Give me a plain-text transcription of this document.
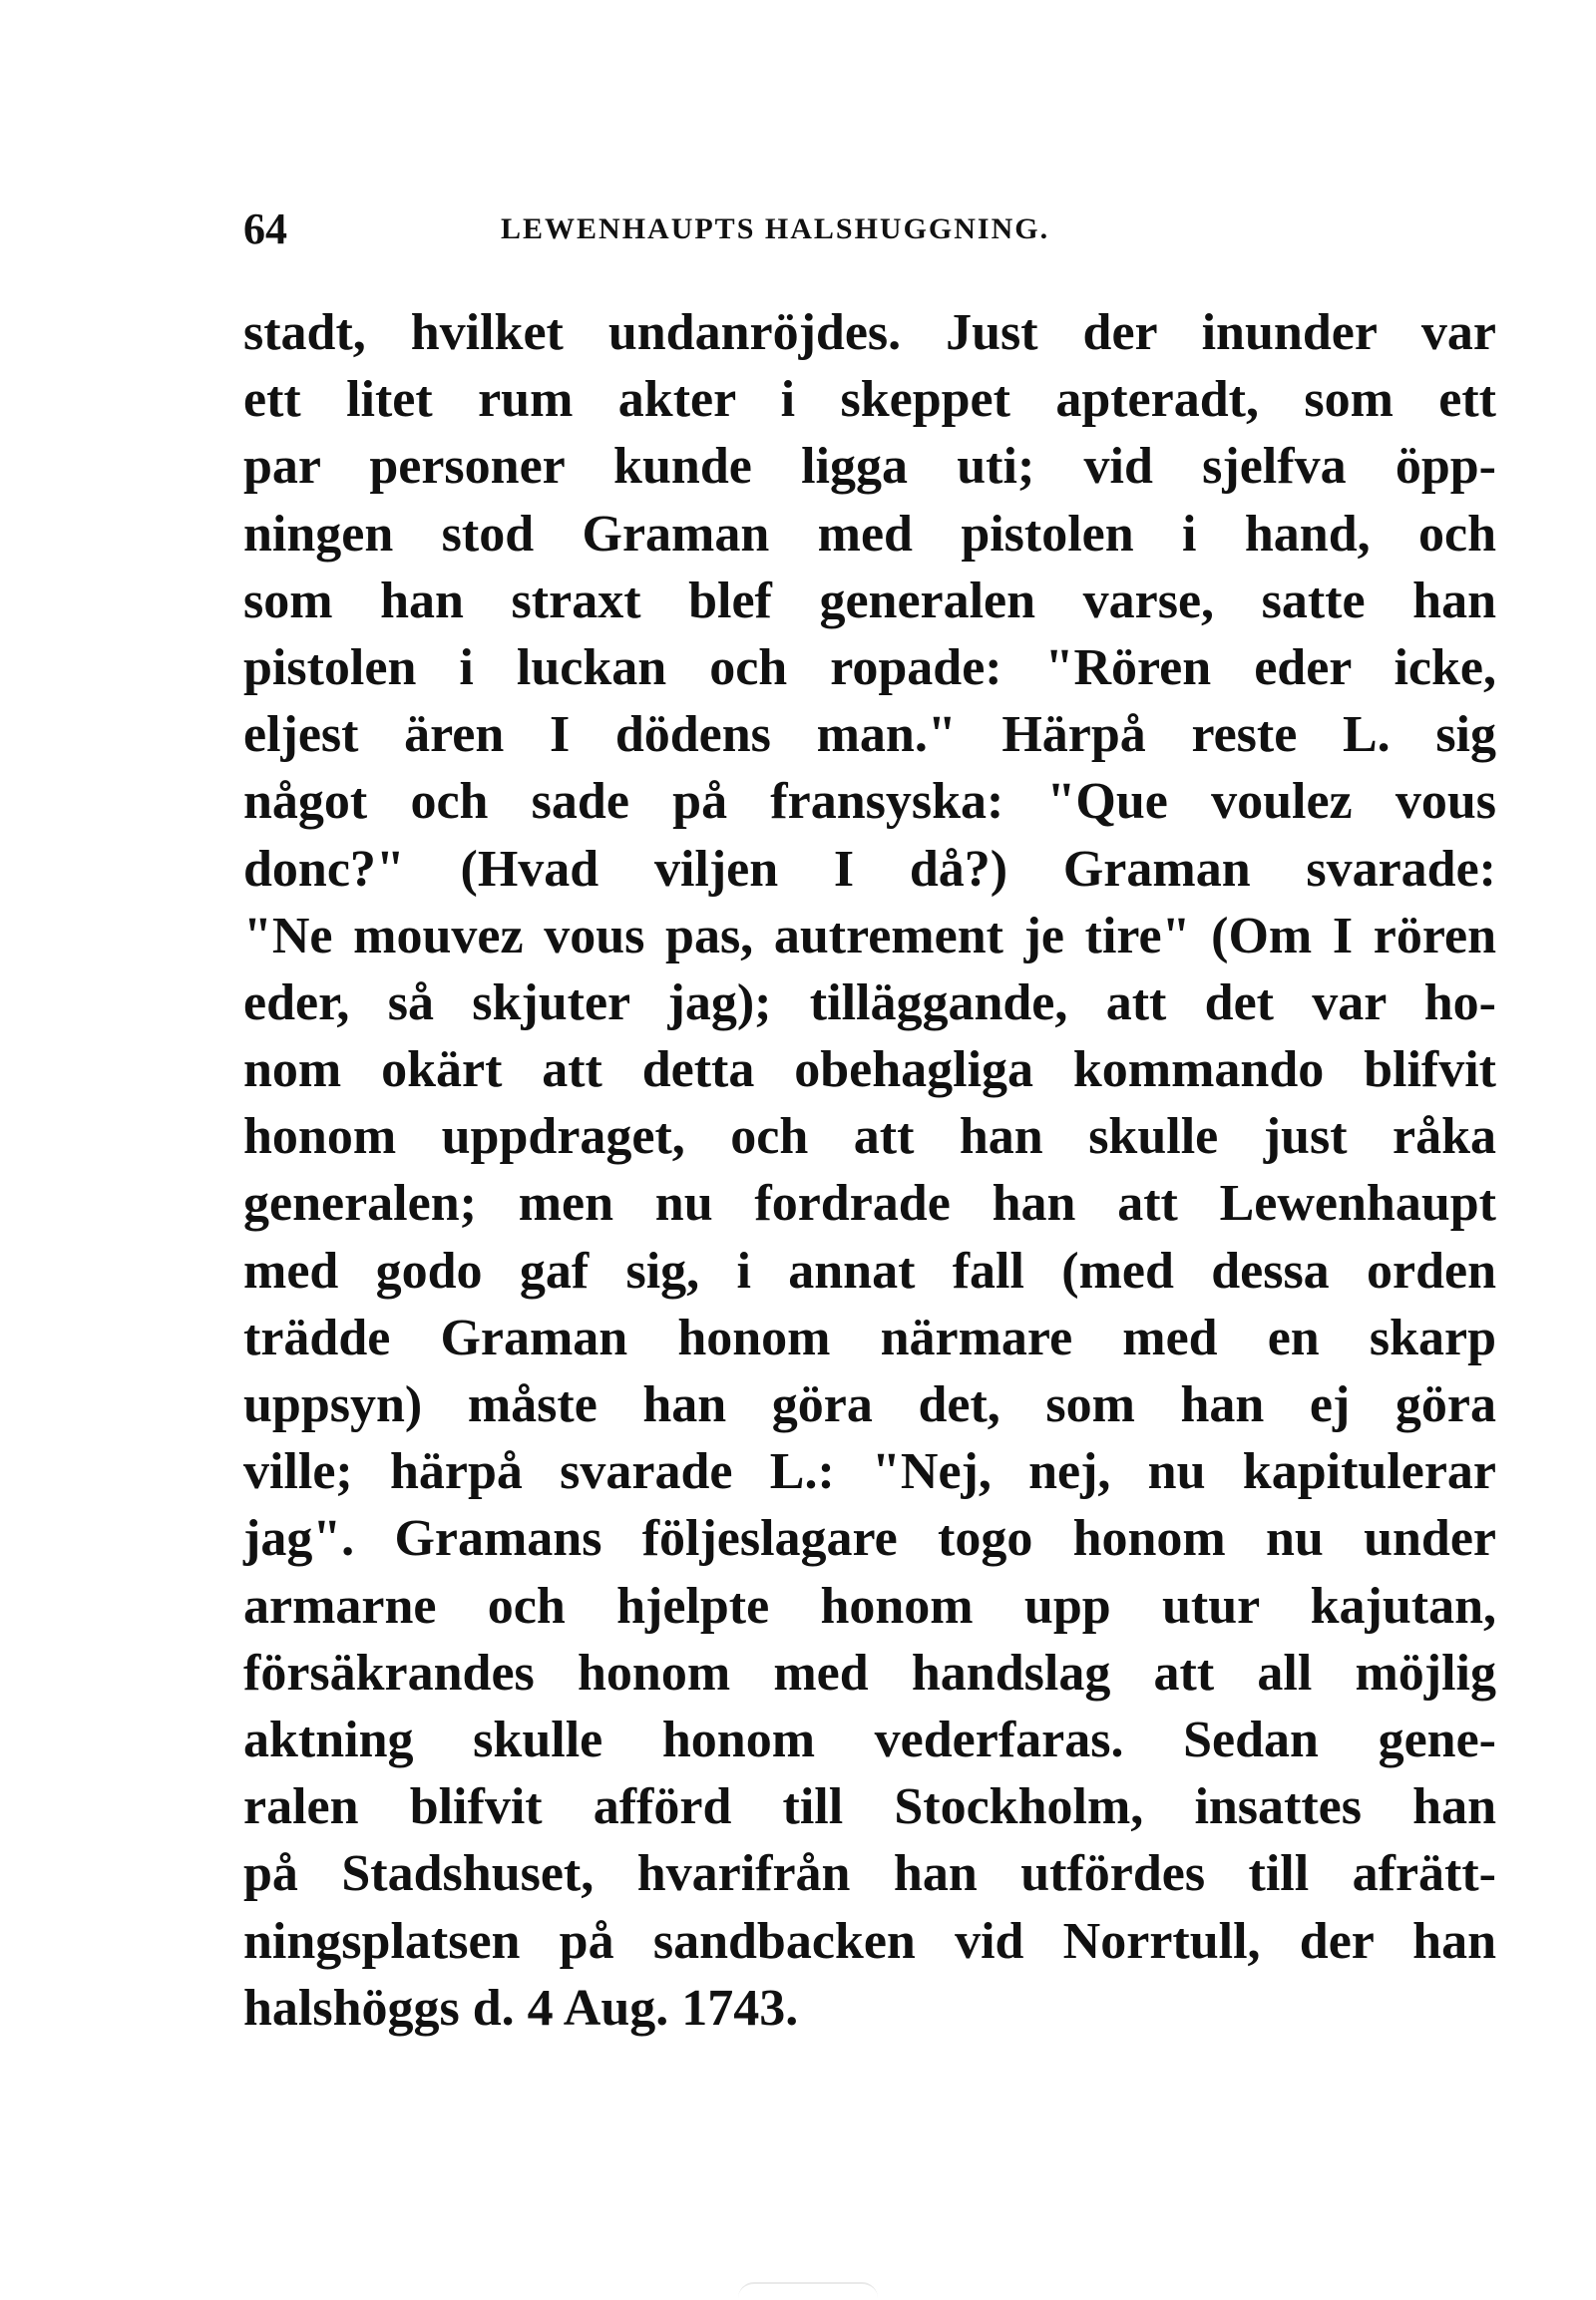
64	LEWENHAUPTS HALSHUGGNING.
stadt, hvilket undanröjdes. Just der inunder var
ett litet rum akter i skeppet apteradt, som ett
par personer kunde ligga uti; vid sjelfva öpp-
ningen stod Graman med pistolen i hand, och
som han straxt blef generalen varse, satte han
pistolen i luckan och ropade: "Rören eder icke,
eljest ären I dödens man." Härpå reste L. sig
något och sade på fransyska: "Que voulez vous
donc?" (Hvad viljen I då?) Graman svarade:
"Ne mouvez vous pas, autrement je tire" (Om I rören
eder, så skjuter jag); tilläggande, att det var ho-
nom okärt att detta obehagliga kommando blifvit
honom uppdraget, och att han skulle just råka
generalen; men nu fordrade han att Lewenhaupt
med godo gaf sig, i annat fall (med dessa orden
trädde Graman honom närmare med en skarp
uppsyn) måste han göra det, som han ej göra
ville; härpå svarade L.: "Nej, nej, nu kapitulerar
jag". Gramans följeslagare togo honom nu under
armarne och hjelpte honom upp utur kajutan,
försäkrandes honom med handslag att all möjlig
aktning skulle honom vederfaras. Sedan gene-
ralen blifvit afförd till Stockholm, insattes han
på Stadshuset, hvarifrån han utfördes till afrätt-
ningsplatsen på sandbacken vid Norrtull, der han
halshöggs d. 4 Aug. 1743.
